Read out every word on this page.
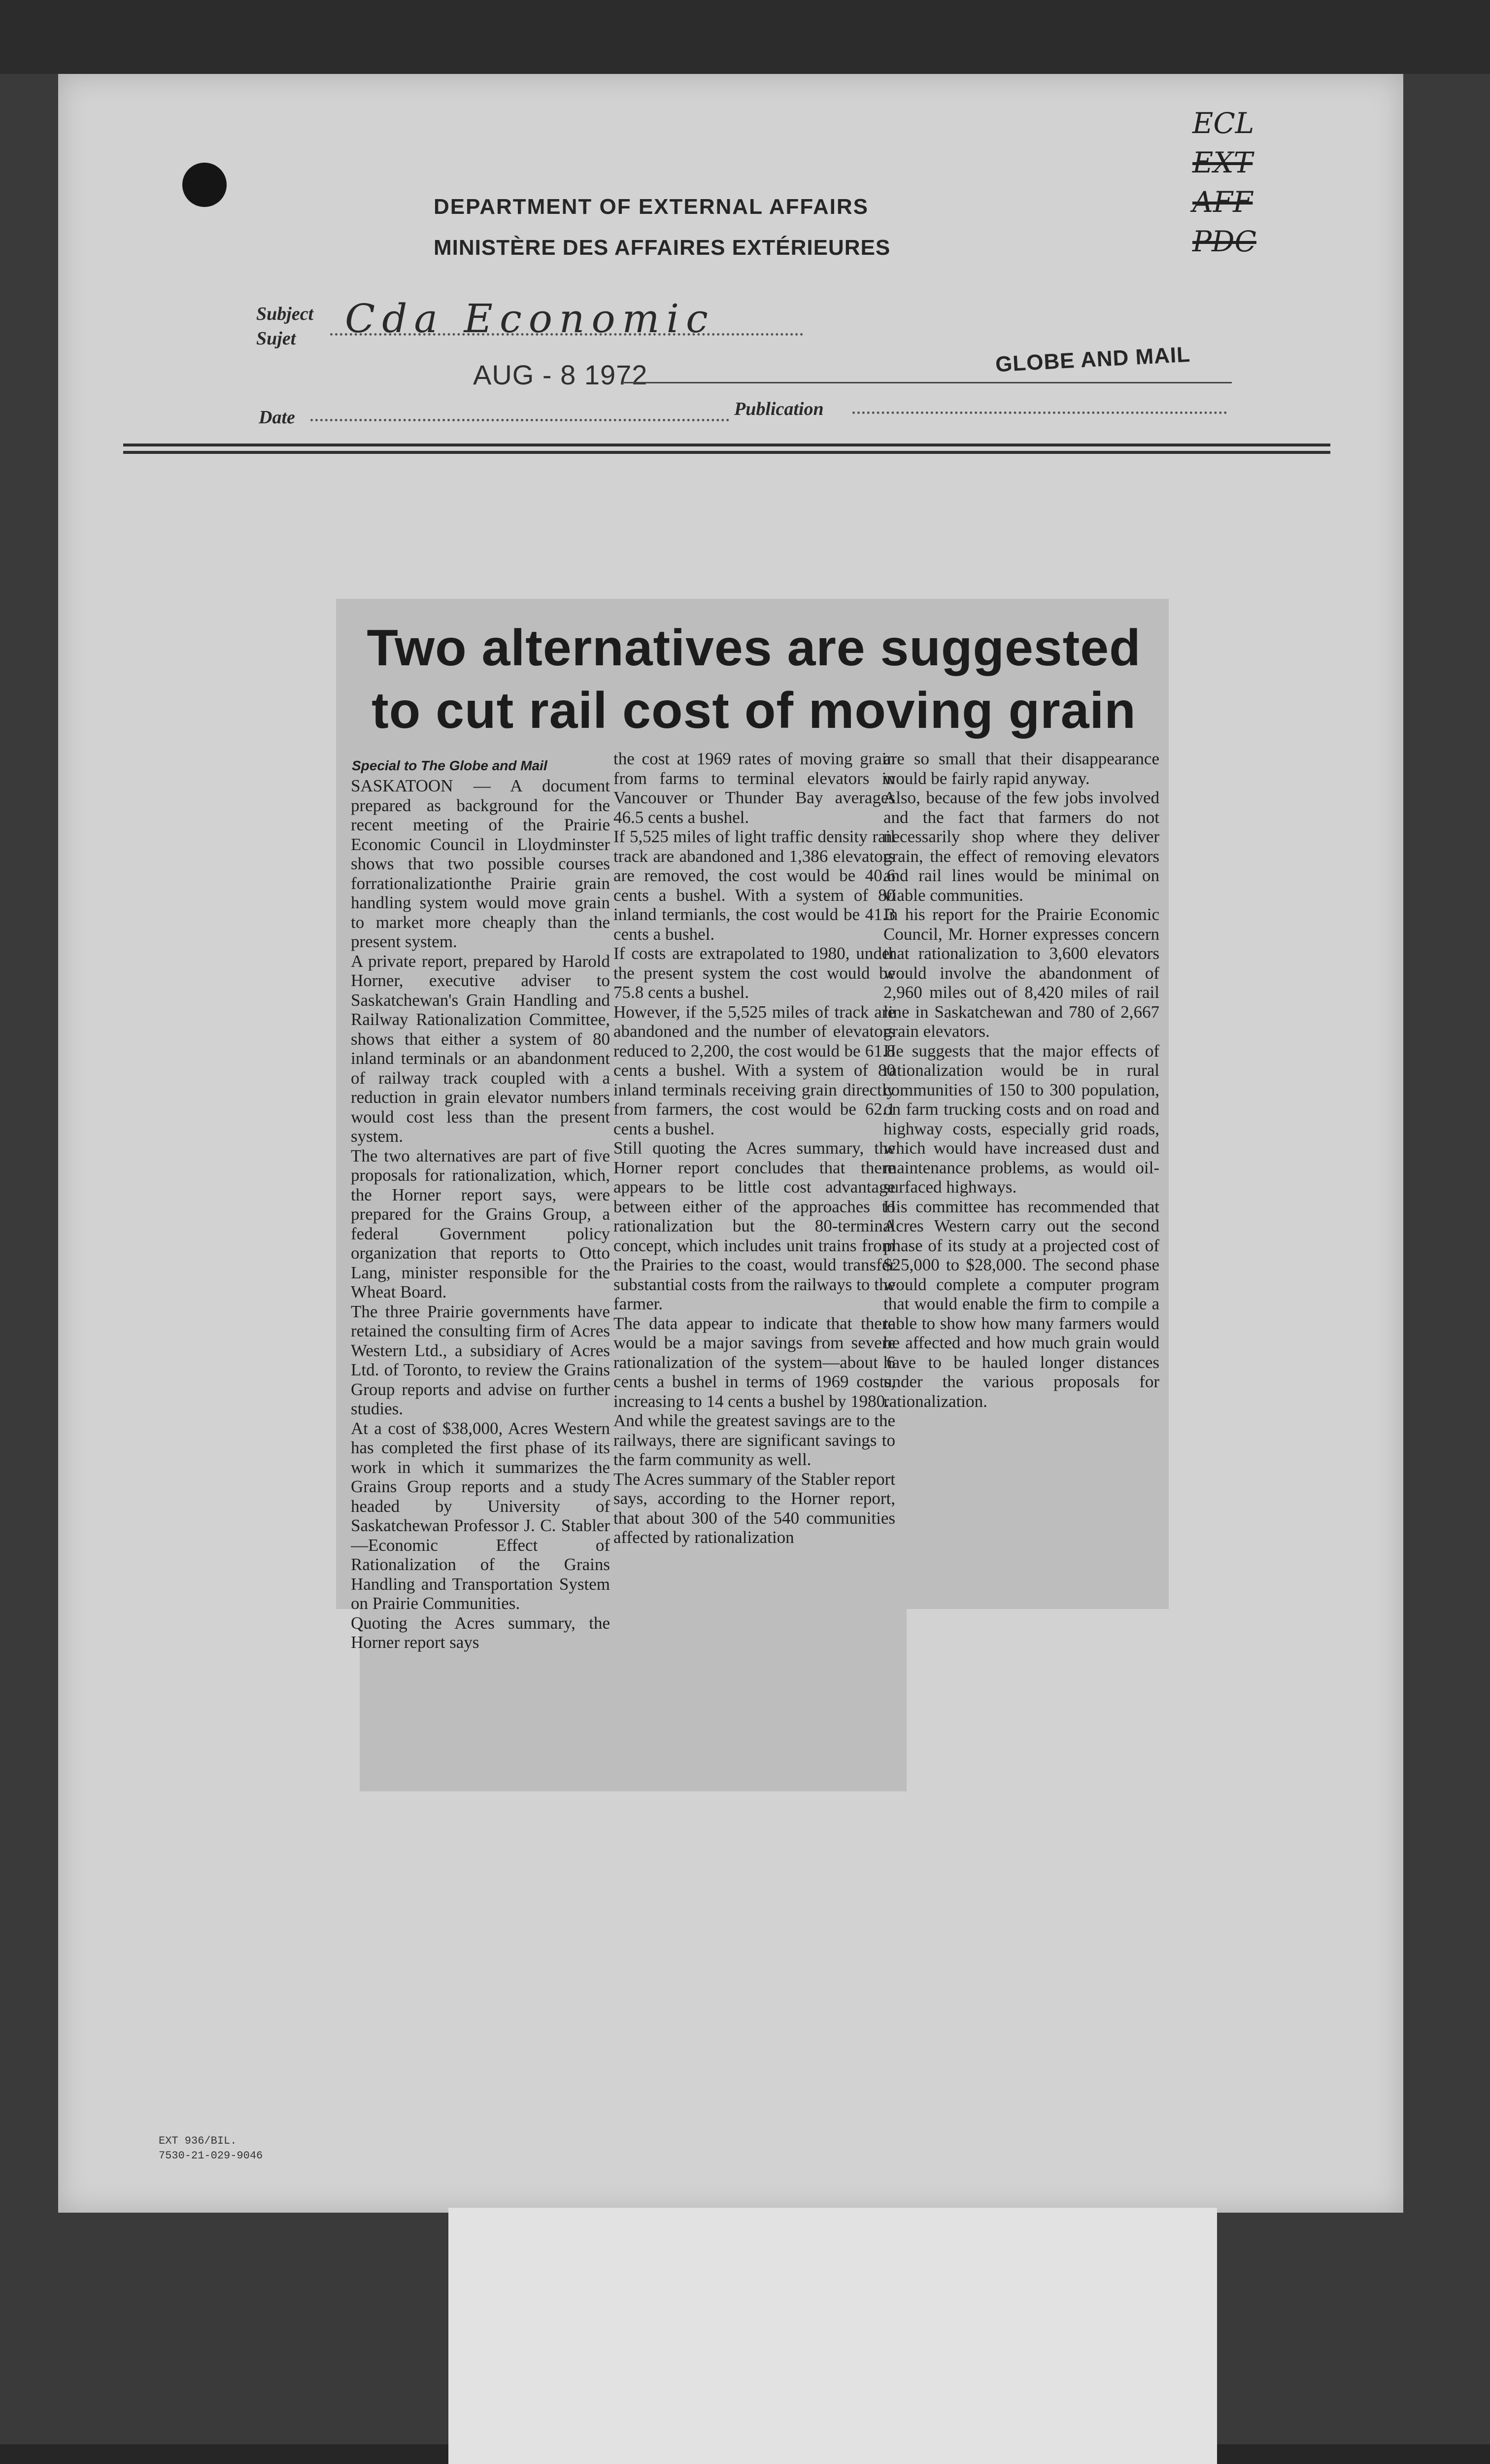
ECL
EXT
AFF
PDC
DEPARTMENT OF EXTERNAL AFFAIRS
MINISTÈRE DES AFFAIRES EXTÉRIEURES
Subject
Sujet Cda Economic
Date
AUG - 8 1972
Publication
GLOBE AND MAIL
Two alternatives are suggested
to cut rail cost of moving grain
Special to The Globe and Mail
SASKATOON — A document prepared as background for the recent meeting of the Prairie Economic Council in Lloydminster shows that two possible courses forrationalizationthe Prairie grain handling system would move grain to market more cheaply than the present system.
A private report, prepared by Harold Horner, executive adviser to Saskatchewan's Grain Handling and Railway Rationalization Committee, shows that either a system of 80 inland terminals or an abandonment of railway track coupled with a reduction in grain elevator numbers would cost less than the present system.
The two alternatives are part of five proposals for rationalization, which, the Horner report says, were prepared for the Grains Group, a federal Government policy organization that reports to Otto Lang, minister responsible for the Wheat Board.
The three Prairie governments have retained the consulting firm of Acres Western Ltd., a subsidiary of Acres Ltd. of Toronto, to review the Grains Group reports and advise on further studies.
At a cost of $38,000, Acres Western has completed the first phase of its work in which it summarizes the Grains Group reports and a study headed by University of Saskatchewan Professor J. C. Stabler—Economic Effect of Rationalization of the Grains Handling and Transportation System on Prairie Communities.
Quoting the Acres summary, the Horner report says
the cost at 1969 rates of moving grain from farms to terminal elevators in Vancouver or Thunder Bay averages 46.5 cents a bushel.
If 5,525 miles of light traffic density rail track are abandoned and 1,386 elevators are removed, the cost would be 40.6 cents a bushel. With a system of 80 inland termianls, the cost would be 41.3 cents a bushel.
If costs are extrapolated to 1980, under the present system the cost would be 75.8 cents a bushel.
However, if the 5,525 miles of track are abandoned and the number of elevators reduced to 2,200, the cost would be 61.8 cents a bushel. With a system of 80 inland terminals receiving grain directly from farmers, the cost would be 62.1 cents a bushel.
Still quoting the Acres summary, the Horner report concludes that there appears to be little cost advantage between either of the approaches to rationalization but the 80-terminal concept, which includes unit trains from the Prairies to the coast, would transfer substantial costs from the railways to the farmer.
The data appear to indicate that there would be a major savings from severe rationalization of the system—about 6 cents a bushel in terms of 1969 costs, increasing to 14 cents a bushel by 1980.
And while the greatest savings are to the railways, there are significant savings to the farm community as well.
The Acres summary of the Stabler report says, according to the Horner report, that about 300 of the 540 communities affected by rationalization
are so small that their disappearance would be fairly rapid anyway.
Also, because of the few jobs involved and the fact that farmers do not necessarily shop where they deliver grain, the effect of removing elevators and rail lines would be minimal on viable communities.
In his report for the Prairie Economic Council, Mr. Horner expresses concern that rationalization to 3,600 elevators would involve the abandonment of 2,960 miles out of 8,420 miles of rail line in Saskatchewan and 780 of 2,667 grain elevators.
He suggests that the major effects of rationalization would be in rural communities of 150 to 300 population, on farm trucking costs and on road and highway costs, especially grid roads, which would have increased dust and maintenance problems, as would oil-surfaced highways.
His committee has recommended that Acres Western carry out the second phase of its study at a projected cost of $25,000 to $28,000. The second phase would complete a computer program that would enable the firm to compile a table to show how many farmers would be affected and how much grain would have to be hauled longer distances under the various proposals for rationalization.
EXT 936/BIL.
7530-21-029-9046
